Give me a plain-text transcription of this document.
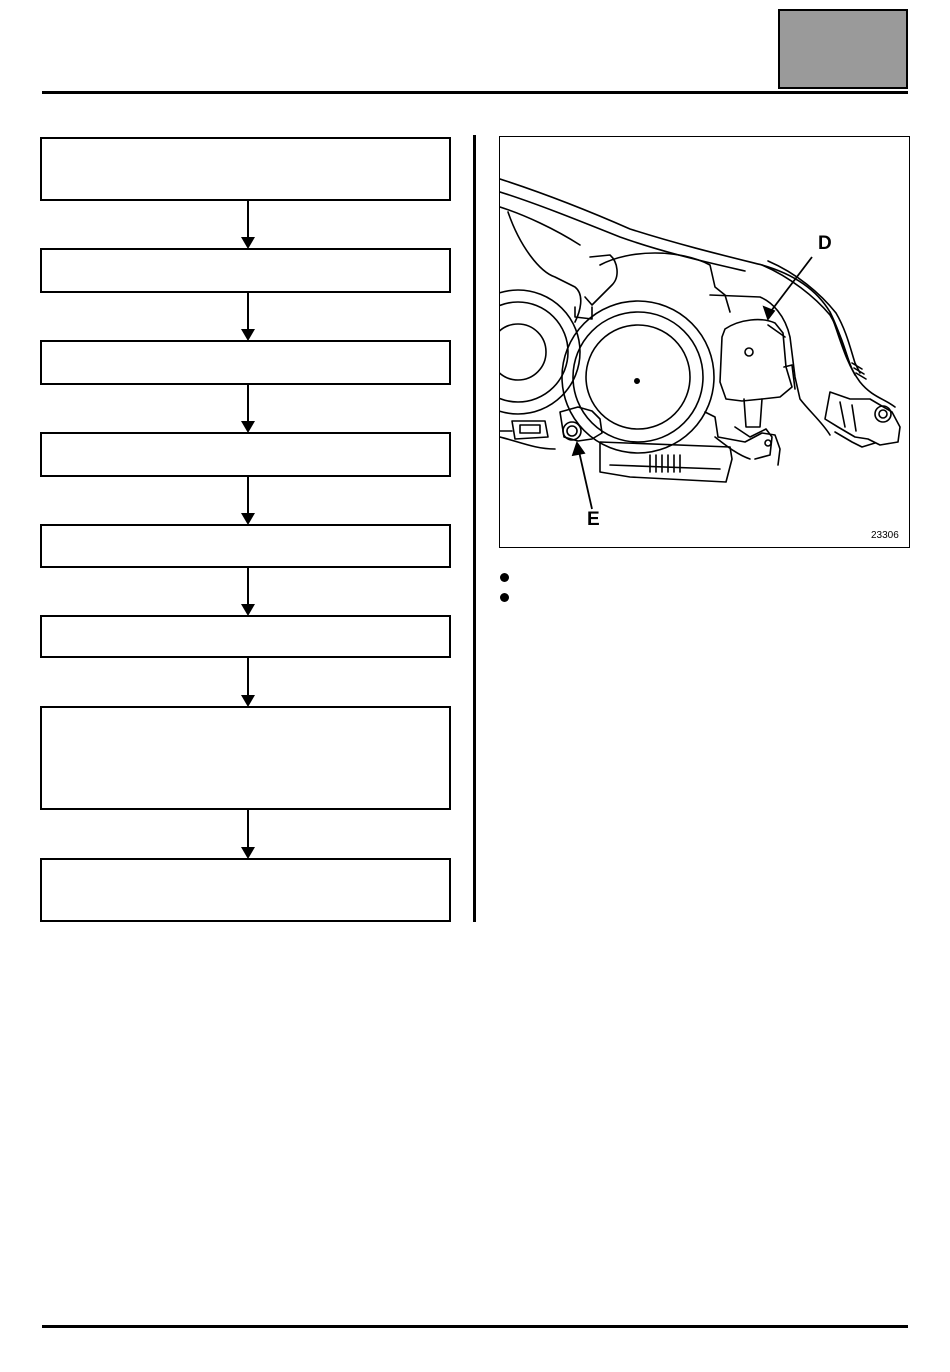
D
E
23306
